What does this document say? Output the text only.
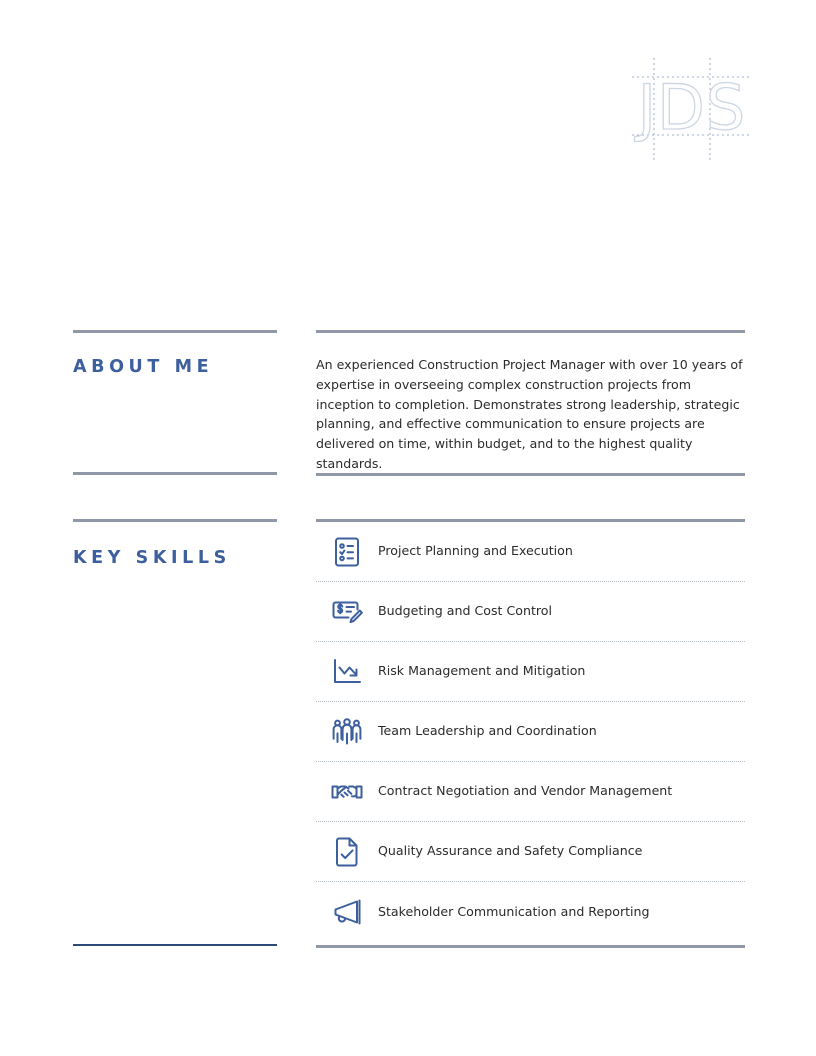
JDS
ABOUT ME	An experienced Construction Project Manager with over 10 years of expertise in overseeing complex construction projects from inception to completion. Demonstrates strong leadership, strategic planning, and effective communication to ensure projects are delivered on time, within budget, and to the highest quality standards.

KEY SKILLS	Project Planning and Execution
Budgeting and Cost Control
Risk Management and Mitigation
Team Leadership and Coordination
Contract Negotiation and Vendor Management
Quality Assurance and Safety Compliance
Stakeholder Communication and Reporting
